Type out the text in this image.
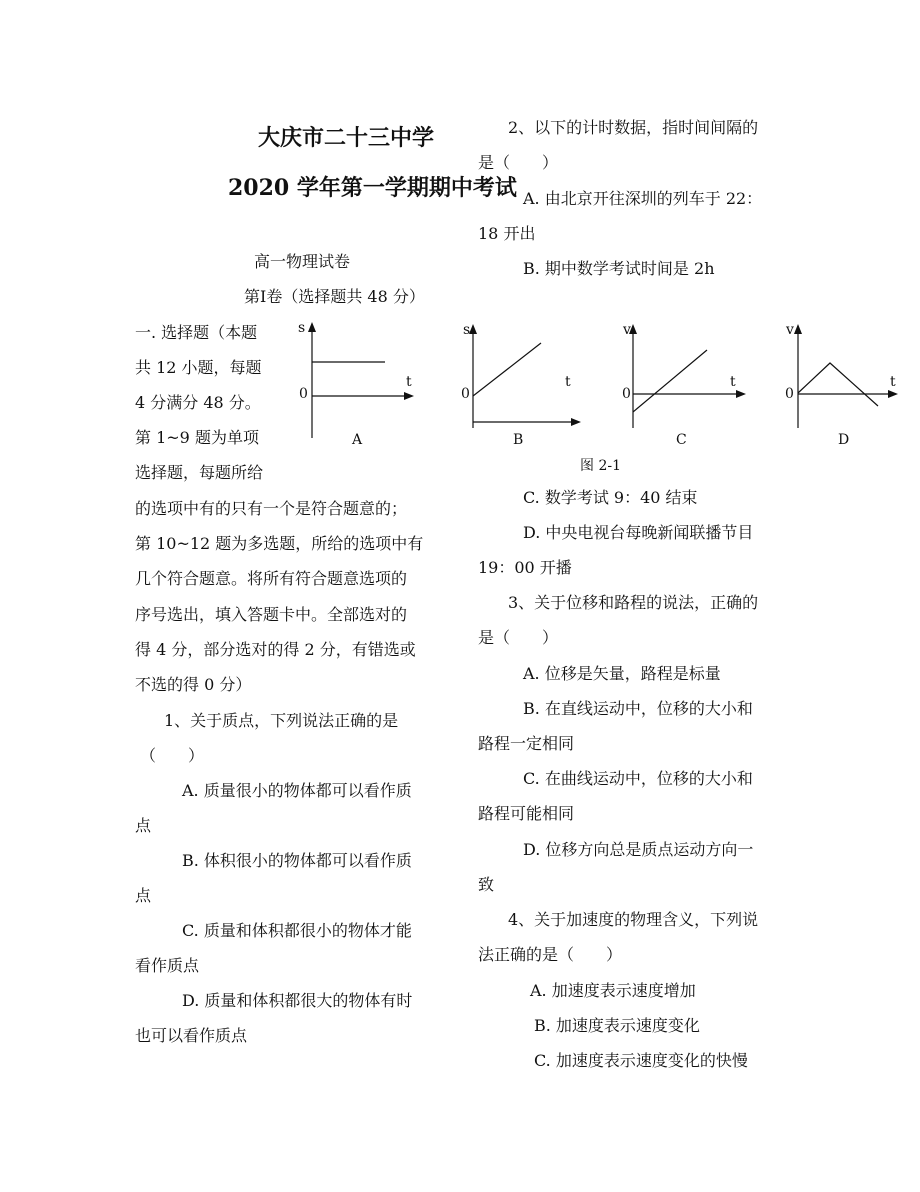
大庆市二十三中学
2020 学年第一学期期中考试
高一物理试卷
第Ⅰ卷（选择题共 48 分）
一. 选择题（本题
共 12 小题，每题
4 分满分 48 分。
第 1~9 题为单项
选择题，每题所给
的选项中有的只有一个是符合题意的；
第 10~12 题为多选题，所给的选项中有
几个符合题意。将所有符合题意选项的
序号选出，填入答题卡中。全部选对的
得 4 分，部分选对的得 2 分，有错选或
不选的得 0 分）
1、关于质点，下列说法正确的是
（　　）
A. 质量很小的物体都可以看作质
点
B. 体积很小的物体都可以看作质
点
C. 质量和体积都很小的物体才能
看作质点
D. 质量和体积都很大的物体有时
也可以看作质点
2、以下的计时数据，指时间间隔的
是（　　）
A. 由北京开往深圳的列车于 22：
18 开出
B. 期中数学考试时间是 2h
C. 数学考试 9：40 结束
D. 中央电视台每晚新闻联播节目
19：00 开播
3、关于位移和路程的说法，正确的
是（　　）
A. 位移是矢量，路程是标量
B. 在直线运动中，位移的大小和
路程一定相同
C. 在曲线运动中，位移的大小和
路程可能相同
D. 位移方向总是质点运动方向一
致
4、关于加速度的物理含义，下列说
法正确的是（　　）
A. 加速度表示速度增加
B. 加速度表示速度变化
C. 加速度表示速度变化的快慢
s
t
0
A
s
t
0
B
v
t
0
C
v
t
0
D
图 2-1
